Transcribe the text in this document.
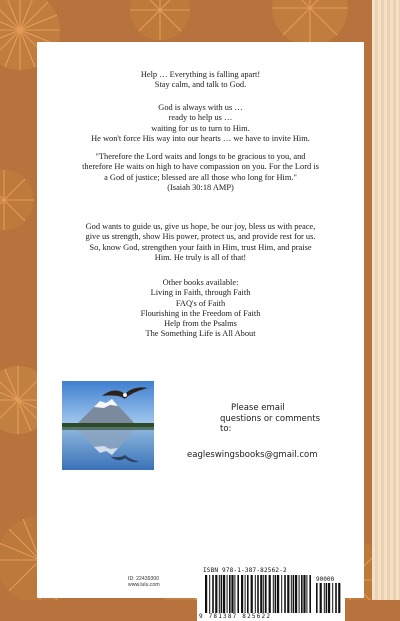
Help … Everything is falling apart!
Stay calm, and talk to God.
God is always with us …
ready to help us …
waiting for us to turn to Him.
He won't force His way into our hearts … we have to invite Him.
"Therefore the Lord waits and longs to be gracious to you, and
therefore He waits on high to have compassion on you. For the Lord is
a God of justice; blessed are all those who long for Him."
(Isaiah 30:18 AMP)
God wants to guide us, give us hope, be our joy, bless us with peace,
give us strength, show His power, protect us, and provide rest for us.
So, know God, strengthen your faith in Him, trust Him, and praise
Him. He truly is all of that!
Other books available:
Living in Faith, through Faith
FAQ's of Faith
Flourishing in the Freedom of Faith
Help from the Psalms
The Something Life is All About
Please email
questions or comments to:
eagleswingsbooks@gmail.com
ID: 22439300
www.lulu.com
ISBN 978-1-387-82562-2
90000
9 781387 825622
